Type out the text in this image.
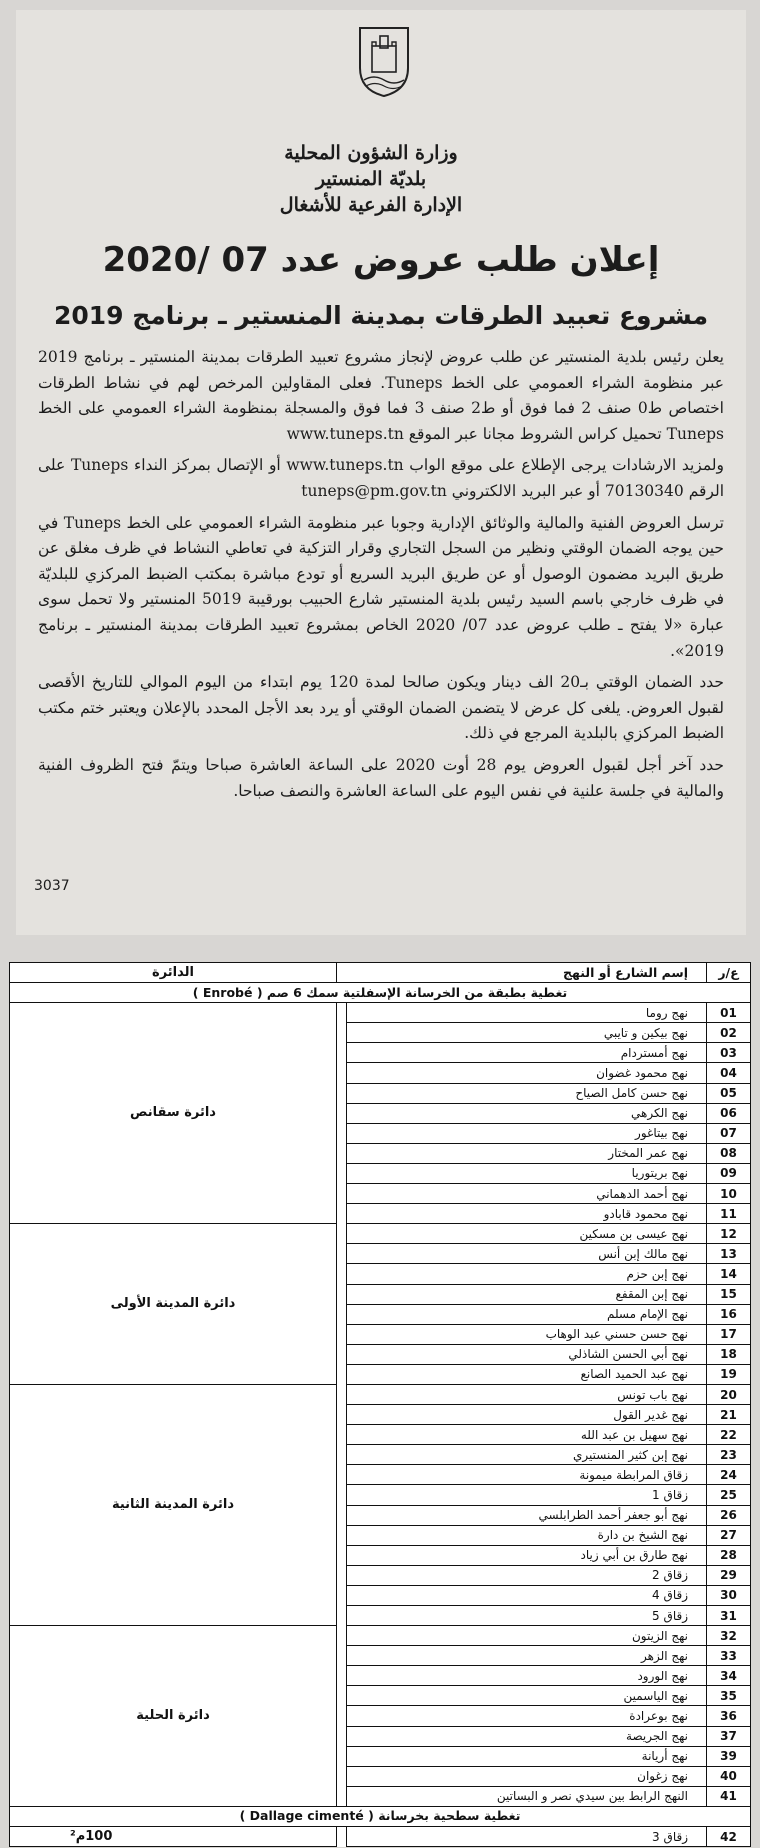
وزارة الشؤون المحلية
بلديّة المنستير
الإدارة الفرعية للأشغال
إعلان طلب عروض عدد 07 /2020
مشروع تعبيد الطرقات بمدينة المنستير ـ برنامج 2019

يعلن رئيس بلدية المنستير عن طلب عروض لإنجاز مشروع تعبيد الطرقات بمدينة المنستير ـ برنامج 2019 عبر منظومة الشراء العمومي على الخط Tuneps. فعلى المقاولين المرخص لهم في نشاط الطرقات اختصاص ط0 صنف 2 فما فوق أو ط2 صنف 3 فما فوق والمسجلة بمنظومة الشراء العمومي على الخط Tuneps تحميل كراس الشروط مجانا عبر الموقع www.tuneps.tn

ولمزيد الارشادات يرجى الإطلاع على موقع الواب www.tuneps.tn أو الإتصال بمركز النداء Tuneps على الرقم 70130340 أو عبر البريد الالكتروني tuneps@pm.gov.tn

ترسل العروض الفنية والمالية والوثائق الإدارية وجوبا عبر منظومة الشراء العمومي على الخط Tuneps في حين يوجه الضمان الوقتي ونظير من السجل التجاري وقرار التزكية في تعاطي النشاط في ظرف مغلق عن طريق البريد مضمون الوصول أو عن طريق البريد السريع أو تودع مباشرة بمكتب الضبط المركزي للبلديّة في ظرف خارجي باسم السيد رئيس بلدية المنستير شارع الحبيب بورقيبة 5019 المنستير ولا تحمل سوى عبارة «لا يفتح ـ طلب عروض عدد 07/ 2020 الخاص بمشروع تعبيد الطرقات بمدينة المنستير ـ برنامج 2019».

حدد الضمان الوقتي بـ20 الف دينار ويكون صالحا لمدة 120 يوم ابتداء من اليوم الموالي للتاريخ الأقصى لقبول العروض. يلغى كل عرض لا يتضمن الضمان الوقتي أو يرد بعد الأجل المحدد بالإعلان ويعتبر ختم مكتب الضبط المركزي بالبلدية المرجع في ذلك.

حدد آخر أجل لقبول العروض يوم 28 أوت 2020 على الساعة العاشرة صباحا ويتمّ فتح الظروف الفنية والمالية في جلسة علنية في نفس اليوم على الساعة العاشرة والنصف صباحا.

3037
ع/ر	إسم الشارع أو النهج		الدائرة
تغطية بطبقة من الخرسانة الإسفلتية سمك 6 صم ( Enrobé )			
01	نهج روما		دائرة سقانص
02	نهج بيكين و تايبي		
03	نهج أمستردام		
04	نهج محمود غضوان		
05	نهج حسن كامل الصياح		
06	نهج الكرهي		
07	نهج بيتاغور		
08	نهج عمر المختار		
09	نهج بريتوريا		
10	نهج أحمد الدهماني		
11	نهج محمود قابادو		
12	نهج عيسى بن مسكين		دائرة المدينة الأولى
13	نهج مالك إبن أنس		
14	نهج إبن حزم		
15	نهج إبن المقفع		
16	نهج الإمام مسلم		
17	نهج حسن حسني عبد الوهاب		
18	نهج أبي الحسن الشاذلي		
19	نهج عبد الحميد الصانع		
20	نهج باب تونس		دائرة المدينة الثانية
21	نهج غدير القول		
22	نهج سهيل بن عبد الله		
23	نهج إبن كثير المنستيري		
24	زقاق المرابطة ميمونة		
25	زقاق 1		
26	نهج أبو جعفر أحمد الطرابلسي		
27	نهج الشيخ بن دارة		
28	نهج طارق بن أبي زياد		
29	زقاق 2		
30	زقاق 4		
31	زقاق 5		
32	نهج الزيتون		دائرة الحلية
33	نهج الزهر		
34	نهج الورود		
35	نهج الياسمين		
36	نهج بوعرادة		
37	نهج الجريصة		
39	نهج أريانة		
40	نهج زغوان		
41	النهج الرابط بين سيدي نصر و البساتين		
تغطية سطحية بخرسانة ( Dallage cimenté )			
42	زقاق 3		100م²
